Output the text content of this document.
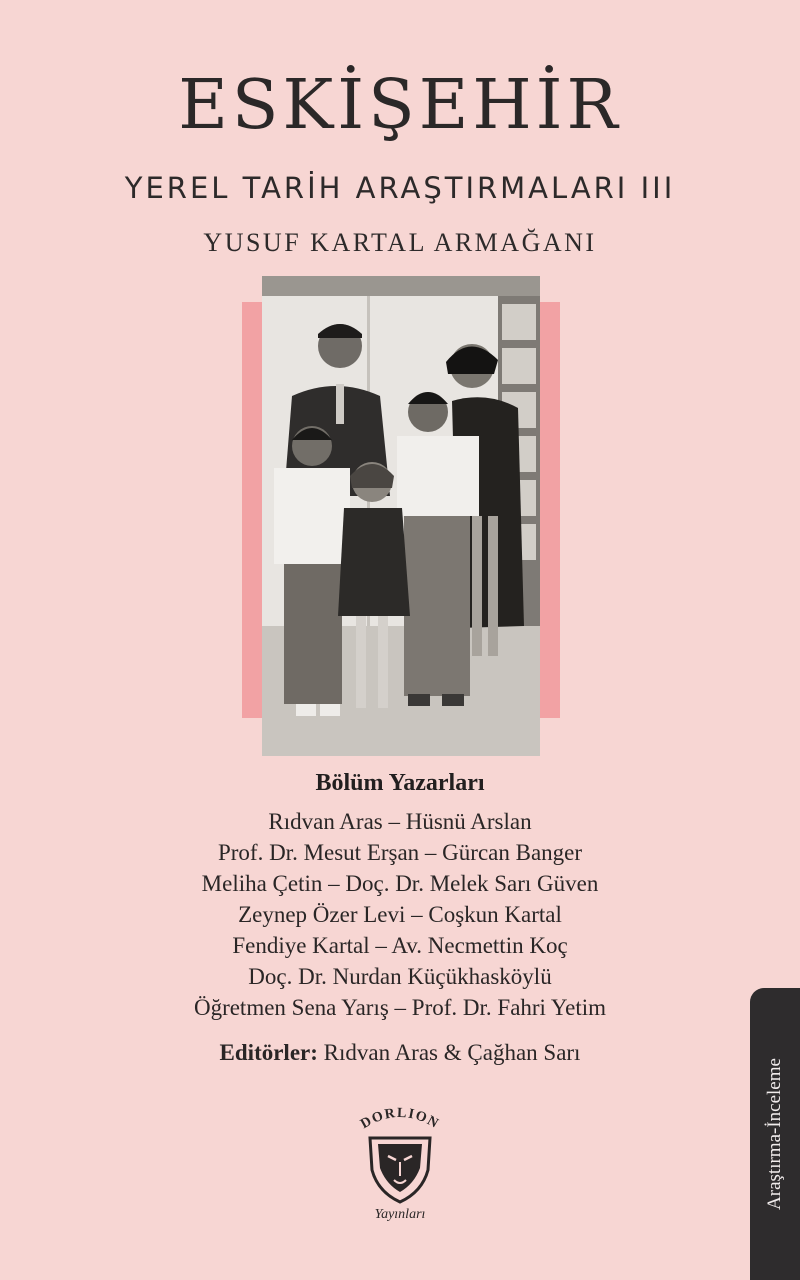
ESKİŞEHİR
YEREL TARİH ARAŞTIRMALARI III
YUSUF KARTAL ARMAĞANI
Bölüm Yazarları
Rıdvan Aras – Hüsnü Arslan
Prof. Dr. Mesut Erşan – Gürcan Banger
Meliha Çetin – Doç. Dr. Melek Sarı Güven
Zeynep Özer Levi – Coşkun Kartal
Fendiye Kartal – Av. Necmettin Koç
Doç. Dr. Nurdan Küçükhasköylü
Öğretmen Sena Yarış – Prof. Dr. Fahri Yetim
Editörler: Rıdvan Aras & Çağhan Sarı
DORLION
Yayınları
Araştırma-İnceleme
